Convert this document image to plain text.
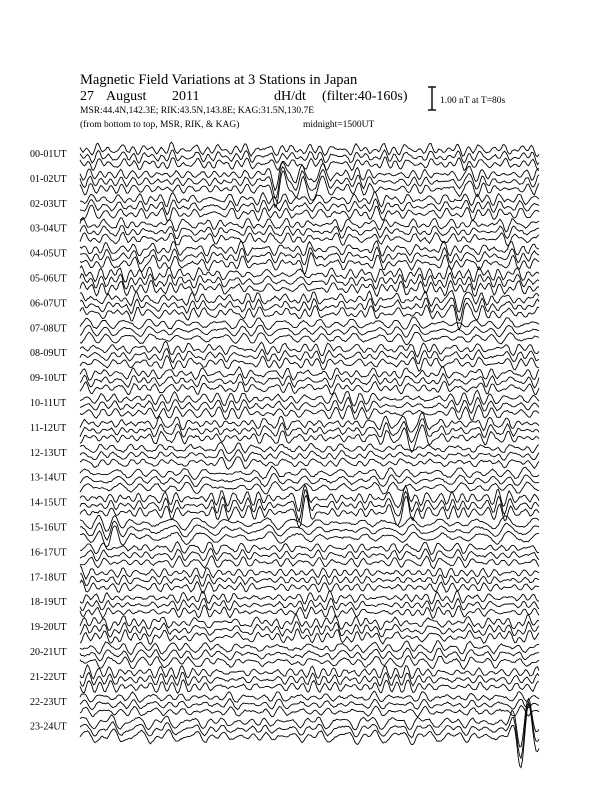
Magnetic Field Variations at 3 Stations in Japan
27 August 2011	dH/dt (filter:40-160s)
MSR:44.4N,142.3E; RIK:43.5N,143.8E; KAG:31.5N,130.7E
(from bottom to top, MSR, RIK, & KAG)	midnight=1500UT
1.00 nT at T=80s
00-01UT
01-02UT
02-03UT
03-04UT
04-05UT
05-06UT
06-07UT
07-08UT
08-09UT
09-10UT
10-11UT
11-12UT
12-13UT
13-14UT
14-15UT
15-16UT
16-17UT
17-18UT
18-19UT
19-20UT
20-21UT
21-22UT
22-23UT
23-24UT
